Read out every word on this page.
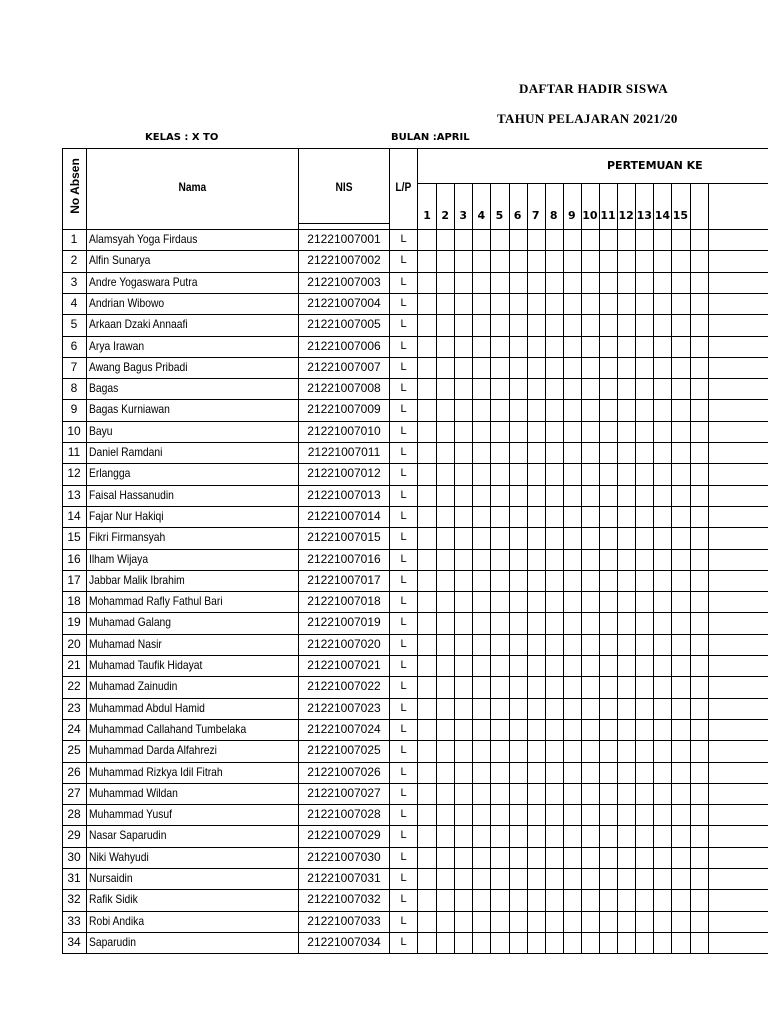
DAFTAR HADIR SISWA
TAHUN PELAJARAN 2021/20
KELAS : X TO	BULAN :APRIL
No Absen	Nama	NIS	L/P
PERTEMUAN KE
1 2 3 4 5 6 7 8 9 10 11 12 13 14 15
1 Alamsyah Yoga Firdaus	21221007001	L
2 Alfin Sunarya	21221007002	L
3 Andre Yogaswara Putra	21221007003	L
4 Andrian Wibowo	21221007004	L
5 Arkaan Dzaki Annaafi	21221007005	L
6 Arya Irawan	21221007006	L
7 Awang Bagus Pribadi	21221007007	L
8 Bagas	21221007008	L
9 Bagas Kurniawan	21221007009	L
10 Bayu	21221007010	L
11 Daniel Ramdani	21221007011	L
12 Erlangga	21221007012	L
13 Faisal Hassanudin	21221007013	L
14 Fajar Nur Hakiqi	21221007014	L
15 Fikri Firmansyah	21221007015	L
16 Ilham Wijaya	21221007016	L
17 Jabbar Malik Ibrahim	21221007017	L
18 Mohammad Rafly Fathul Bari	21221007018	L
19 Muhamad Galang	21221007019	L
20 Muhamad Nasir	21221007020	L
21 Muhamad Taufik Hidayat	21221007021	L
22 Muhamad Zainudin	21221007022	L
23 Muhammad Abdul Hamid	21221007023	L
24 Muhammad Callahand Tumbelaka	21221007024	L
25 Muhammad Darda Alfahrezi	21221007025	L
26 Muhammad Rizkya Idil Fitrah	21221007026	L
27 Muhammad Wildan	21221007027	L
28 Muhammad Yusuf	21221007028	L
29 Nasar Saparudin	21221007029	L
30 Niki Wahyudi	21221007030	L
31 Nursaidin	21221007031	L
32 Rafik Sidik	21221007032	L
33 Robi Andika	21221007033	L
34 Saparudin	21221007034	L
